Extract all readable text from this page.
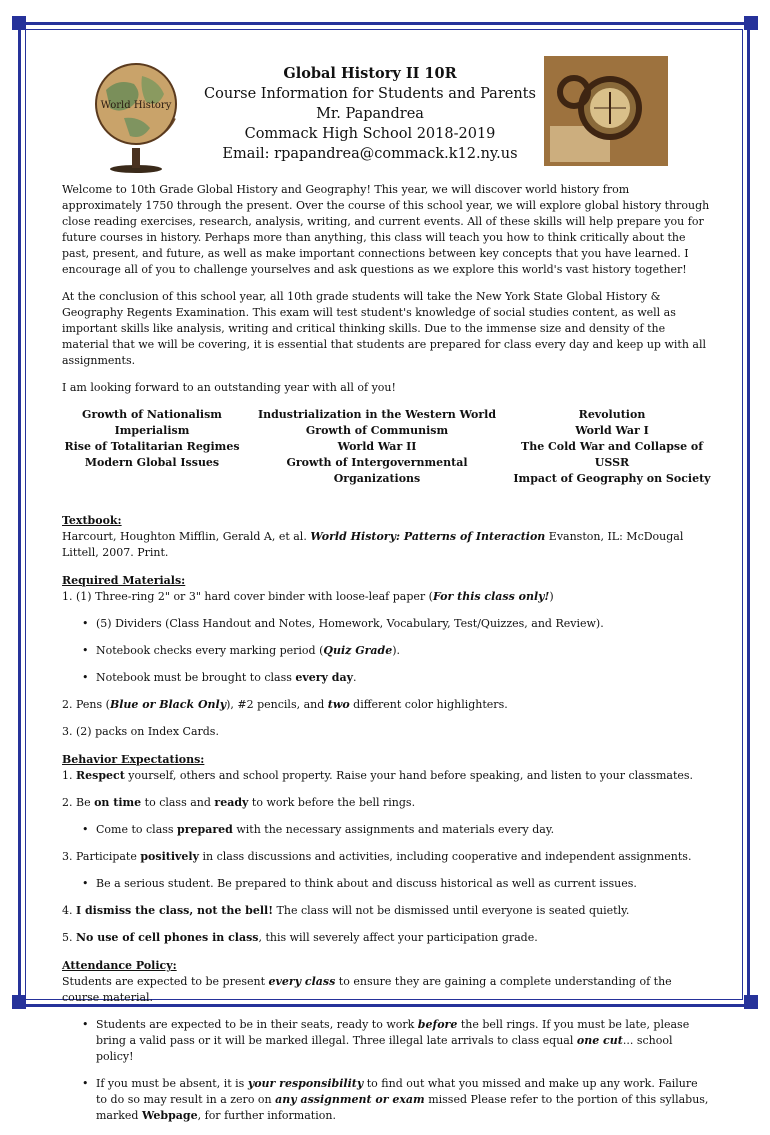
World History
Global History II 10R
Course Information for Students and Parents
Mr. Papandrea
Commack High School 2018-2019
Email: rpapandrea@commack.k12.ny.us

Welcome to 10th Grade Global History and Geography! This year, we will discover world history from approximately 1750 through the present. Over the course of this school year, we will explore global history through close reading exercises, research, analysis, writing, and current events. All of these skills will help prepare you for future courses in history. Perhaps more than anything, this class will teach you how to think critically about the past, present, and future, as well as make important connections between key concepts that you have learned. I encourage all of you to challenge yourselves and ask questions as we explore this world's vast history together!

At the conclusion of this school year, all 10th grade students will take the New York State Global History & Geography Regents Examination. This exam will test student's knowledge of social studies content, as well as important skills like analysis, writing and critical thinking skills. Due to the immense size and density of the material that we will be covering, it is essential that students are prepared for class every day and keep up with all assignments.

I am looking forward to an outstanding year with all of you!

Growth of Nationalism
Imperialism
Rise of Totalitarian Regimes
Modern Global Issues
Industrialization in the Western World
Growth of Communism
World War II
Growth of Intergovernmental Organizations
Revolution
World War I
The Cold War and Collapse of USSR
Impact of Geography on Society
Textbook:

Harcourt, Houghton Mifflin, Gerald A, et al. World History: Patterns of Interaction Evanston, IL: McDougal Littell, 2007. Print.

Required Materials:

1. (1) Three-ring 2" or 3" hard cover binder with loose-leaf paper (For this class only!)

• (5) Dividers (Class Handout and Notes, Homework, Vocabulary, Test/Quizzes, and Review).

• Notebook checks every marking period (Quiz Grade).

• Notebook must be brought to class every day.

2. Pens (Blue or Black Only), #2 pencils, and two different color highlighters.

3. (2) packs on Index Cards.

Behavior Expectations:

1. Respect yourself, others and school property. Raise your hand before speaking, and listen to your classmates.

2. Be on time to class and ready to work before the bell rings.

• Come to class prepared with the necessary assignments and materials every day.

3. Participate positively in class discussions and activities, including cooperative and independent assignments.

• Be a serious student. Be prepared to think about and discuss historical as well as current issues.

4. I dismiss the class, not the bell! The class will not be dismissed until everyone is seated quietly.

5. No use of cell phones in class, this will severely affect your participation grade.

Attendance Policy:

Students are expected to be present every class to ensure they are gaining a complete understanding of the course material.

• Students are expected to be in their seats, ready to work before the bell rings. If you must be late, please bring a valid pass or it will be marked illegal. Three illegal late arrivals to class equal one cut... school policy!

• If you must be absent, it is your responsibility to find out what you missed and make up any work. Failure to do so may result in a zero on any assignment or exam missed Please refer to the portion of this syllabus, marked Webpage, for further information.
